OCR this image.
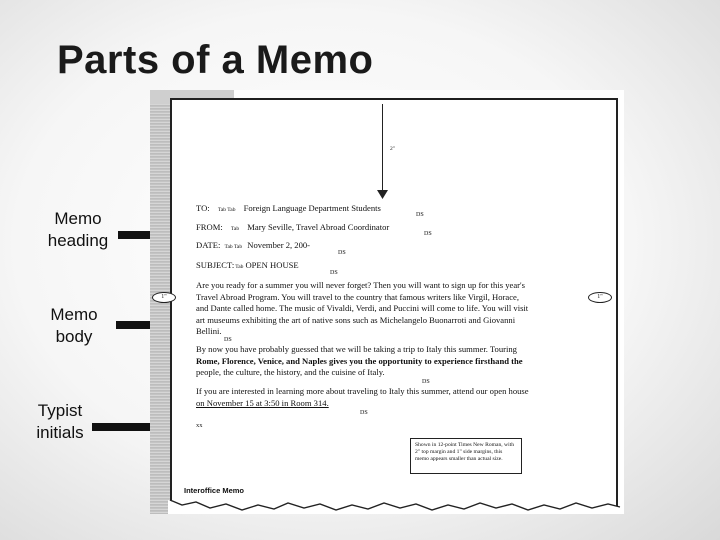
Parts of a Memo
Memo
heading
Memo
body
Typist
initials
2"
TO: Tab Tab Foreign Language Department Students
DS
FROM: Tab Mary Seville, Travel Abroad Coordinator
DS
DATE: Tab Tab November 2, 200-
DS
SUBJECT:Tab OPEN HOUSE
DS
1"	1"
Are you ready for a summer you will never forget? Then you will want to sign up for this year's
Travel Abroad Program. You will travel to the country that famous writers like Virgil, Horace,
and Dante called home. The music of Vivaldi, Verdi, and Puccini will come to life. You will visit
art museums exhibiting the art of native sons such as Michelangelo Buonarroti and Giovanni
Bellini.
DS
By now you have probably guessed that we will be taking a trip to Italy this summer. Touring
Rome, Florence, Venice, and Naples gives you the opportunity to experience firsthand the
people, the culture, the history, and the cuisine of Italy.
DS
If you are interested in learning more about traveling to Italy this summer, attend our open house
on November 15 at 3:50 in Room 314.
DS
xx
Shown in 12-point Times New Roman, with 2" top margin and 1" side margins, this memo appears smaller than actual size.
Interoffice Memo
